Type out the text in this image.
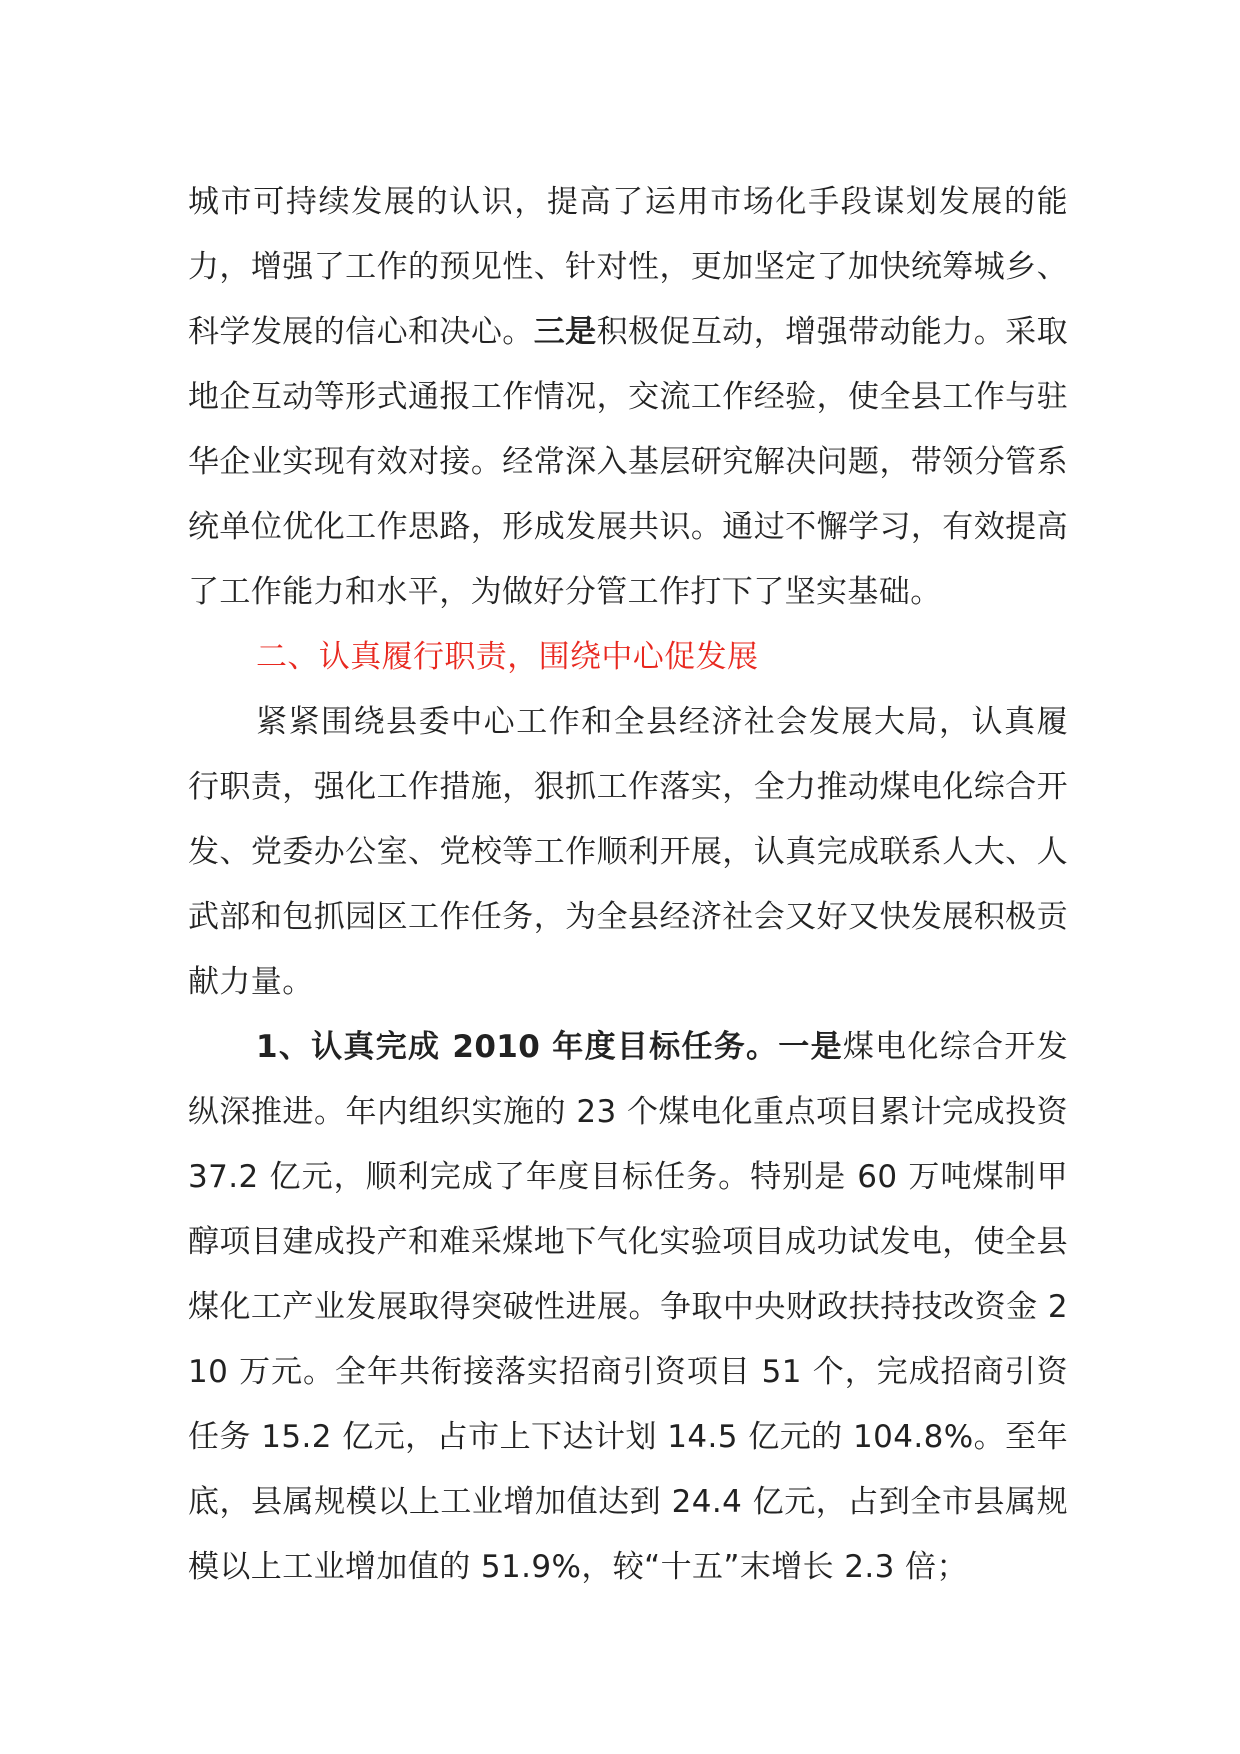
城市可持续发展的认识，提高了运用市场化手段谋划发展的能力，增强了工作的预见性、针对性，更加坚定了加快统筹城乡、科学发展的信心和决心。三是积极促互动，增强带动能力。采取地企互动等形式通报工作情况，交流工作经验，使全县工作与驻华企业实现有效对接。经常深入基层研究解决问题，带领分管系统单位优化工作思路，形成发展共识。通过不懈学习，有效提高了工作能力和水平，为做好分管工作打下了坚实基础。

二、认真履行职责，围绕中心促发展

紧紧围绕县委中心工作和全县经济社会发展大局，认真履行职责，强化工作措施，狠抓工作落实，全力推动煤电化综合开发、党委办公室、党校等工作顺利开展，认真完成联系人大、人武部和包抓园区工作任务，为全县经济社会又好又快发展积极贡献力量。

1、认真完成 2010 年度目标任务。一是煤电化综合开发纵深推进。年内组织实施的 23 个煤电化重点项目累计完成投资 37.2 亿元，顺利完成了年度目标任务。特别是 60 万吨煤制甲醇项目建成投产和难采煤地下气化实验项目成功试发电，使全县煤化工产业发展取得突破性进展。争取中央财政扶持技改资金 210 万元。全年共衔接落实招商引资项目 51 个，完成招商引资任务 15.2 亿元，占市上下达计划 14.5 亿元的 104.8%。至年底，县属规模以上工业增加值达到 24.4 亿元，占到全市县属规模以上工业增加值的 51.9%，较“十五”末增长 2.3 倍；
